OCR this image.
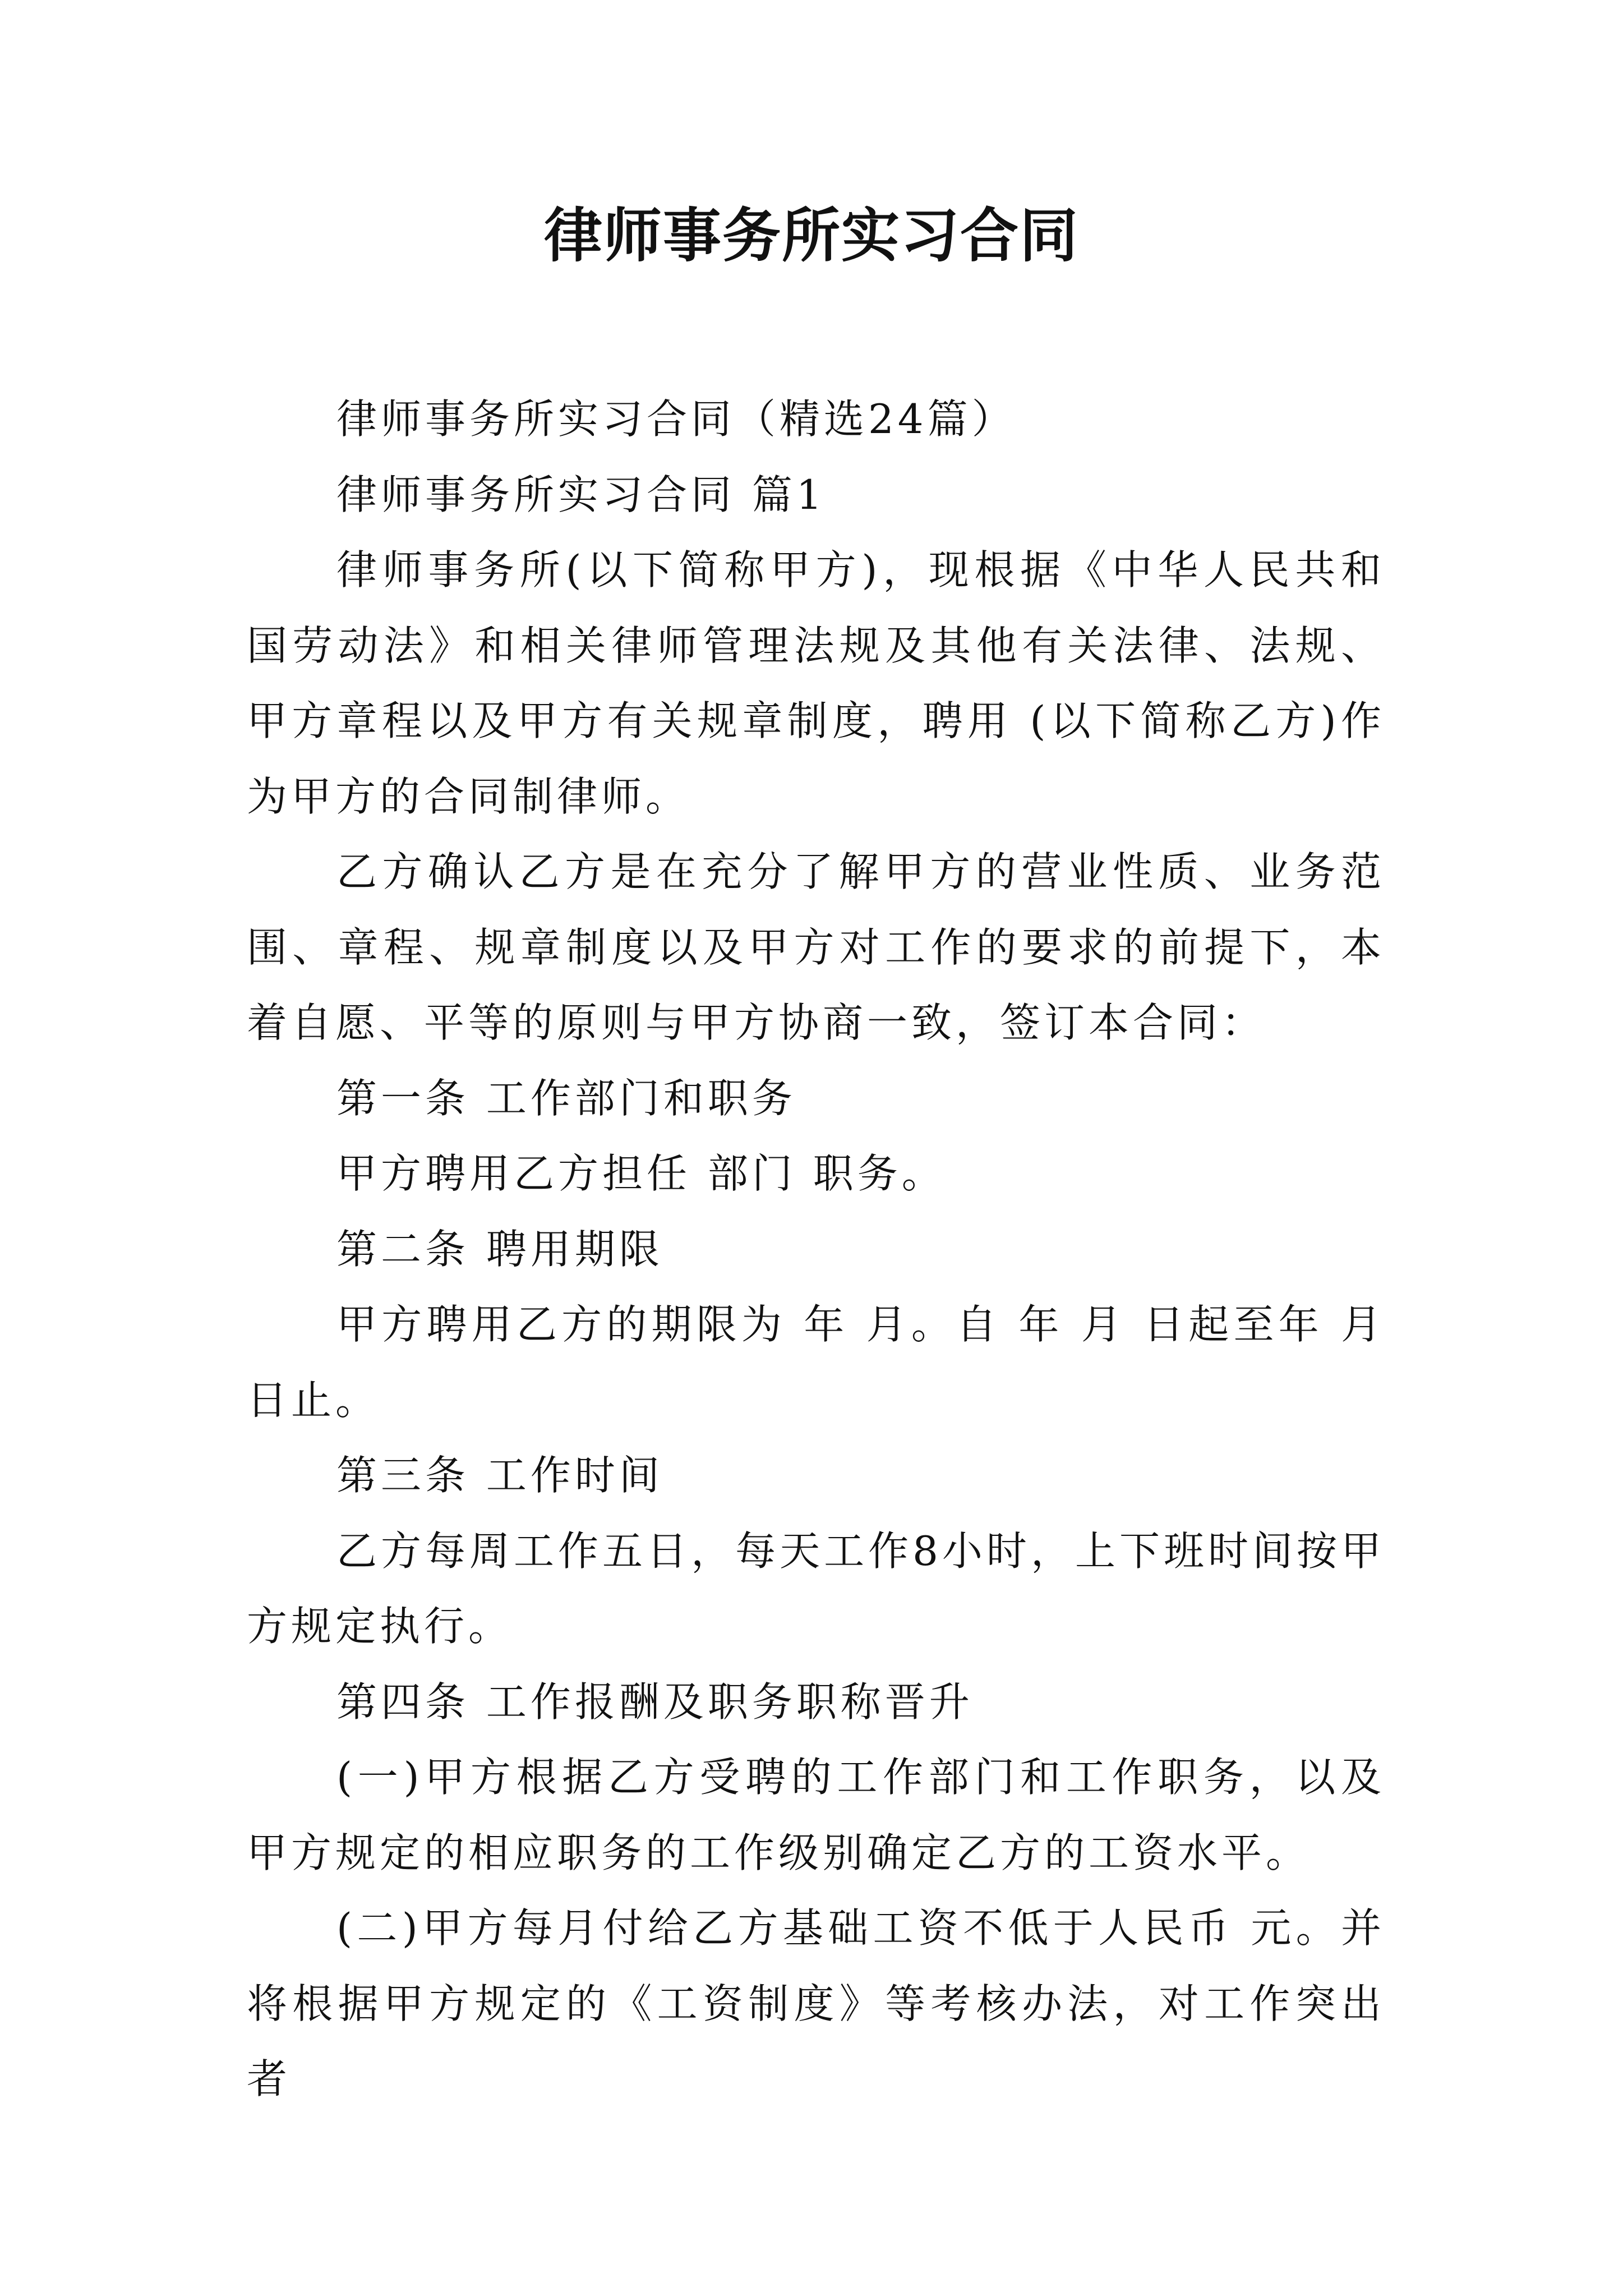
律师事务所实习合同

律师事务所实习合同（精选24篇）

律师事务所实习合同 篇1

律师事务所(以下简称甲方)，现根据《中华人民共和国劳动法》和相关律师管理法规及其他有关法律、法规、甲方章程以及甲方有关规章制度，聘用 (以下简称乙方)作为甲方的合同制律师。

乙方确认乙方是在充分了解甲方的营业性质、业务范围、章程、规章制度以及甲方对工作的要求的前提下，本着自愿、平等的原则与甲方协商一致，签订本合同：

第一条 工作部门和职务

甲方聘用乙方担任 部门 职务。

第二条 聘用期限

甲方聘用乙方的期限为 年 月。自 年 月 日起至年 月日止。

第三条 工作时间

乙方每周工作五日，每天工作8小时，上下班时间按甲方规定执行。

第四条 工作报酬及职务职称晋升

(一)甲方根据乙方受聘的工作部门和工作职务，以及甲方规定的相应职务的工作级别确定乙方的工资水平。

(二)甲方每月付给乙方基础工资不低于人民币 元。并将根据甲方规定的《工资制度》等考核办法，对工作突出者
